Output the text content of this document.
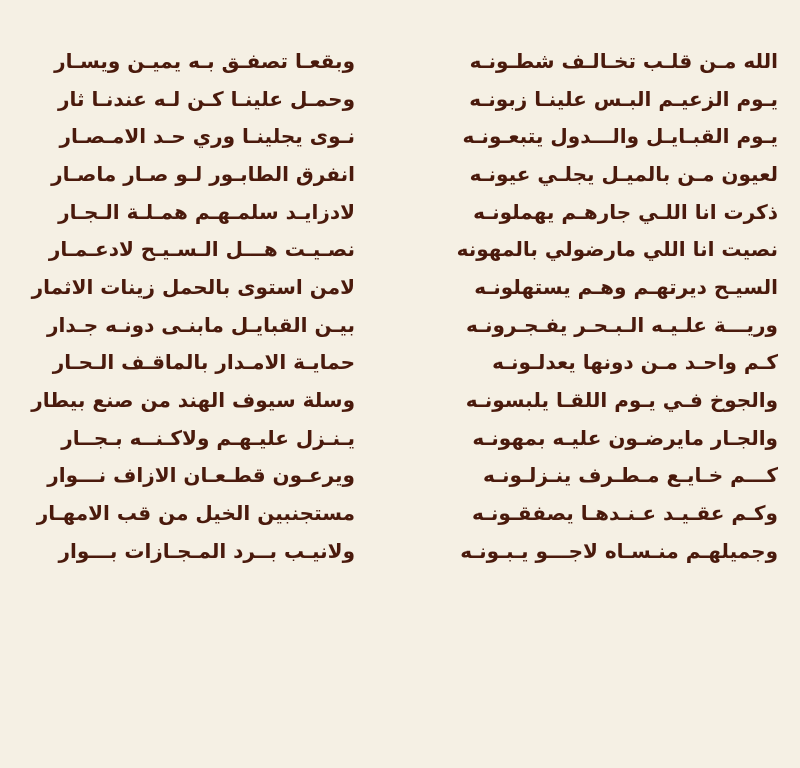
الله مـن قلـب تخـالـف شطـونـه
وبقعـا تصفـق بـه يميـن ويسـار
يـوم الزعيـم البـس علينـا زبونـه
وحمـل علينـا كـن لـه عندنـا ثار
يـوم القبـايـل والـــدول يتبعـونـه
نـوى يجلينـا وري حـد الامـصـار
لعيون مـن بالميـل يجلـي عيونـه
انفرق الطابـور لـو صـار ماصـار
ذكرت انا اللـي جارهـم يهملونـه
لادزايـد سلمـهـم همـلـة الـجـار
نصيت انا اللي مارضولي بالمهونه
نصـيـت هـــل الـسـيـح لادعـمـار
السيـح ديرتهـم وهـم يستهلونـه
لامن استوى بالحمل زينات الاثمار
وريـــة علـيـه الـبـحـر يفـجـرونـه
بيـن القبايـل مابنـى دونـه جـدار
كـم واحـد مـن دونها يعدلـونـه
حمايـة الامـدار بالماقـف الـحـار
والجوخ فـي يـوم اللقـا يلبسونـه
وسلة سيوف الهند من صنع بيطار
والجـار مايرضـون عليـه بمهونـه
يـنـزل عليـهـم ولاكـنــه بـجــار
كـــم خـايـع مـطـرف ينـزلـونـه
ويرعـون قطـعـان الازاف نـــوار
وكـم عقـيـد عـنـدهـا يصفقـونـه
مستجنبين الخيل من قب الامهـار
وجميلهـم منـسـاه لاجـــو يـبـونـه
ولانيـب بــرد المـجـازات بـــوار
